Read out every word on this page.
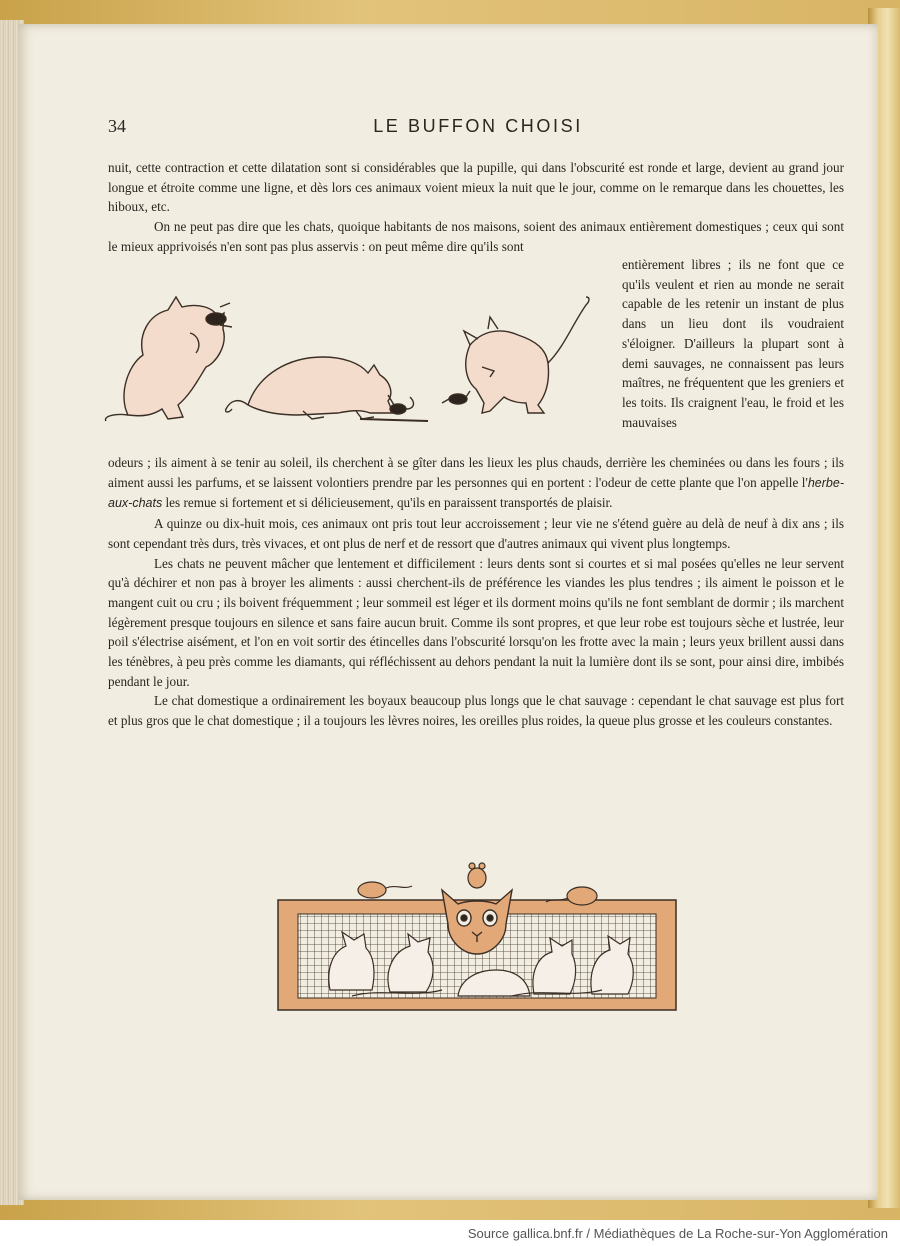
34	LE BUFFON CHOISI

nuit, cette contraction et cette dilatation sont si considérables que la pupille, qui dans l'obscurité est ronde et large, devient au grand jour longue et étroite comme une ligne, et dès lors ces animaux voient mieux la nuit que le jour, comme on le remarque dans les chouettes, les hiboux, etc.

On ne peut pas dire que les chats, quoique habitants de nos maisons, soient des animaux entièrement domestiques ; ceux qui sont le mieux apprivoisés n'en sont pas plus asservis : on peut même dire qu'ils sont

entièrement libres ; ils ne font que ce qu'ils veulent et rien au monde ne serait capable de les retenir un instant de plus dans un lieu dont ils voudraient s'éloigner. D'ailleurs la plupart sont à demi sauvages, ne connaissent pas leurs maîtres, ne fréquentent que les greniers et les toits. Ils craignent l'eau, le froid et les mauvaises

odeurs ; ils aiment à se tenir au soleil, ils cherchent à se gîter dans les lieux les plus chauds, derrière les cheminées ou dans les fours ; ils aiment aussi les parfums, et se laissent volontiers prendre par les personnes qui en portent : l'odeur de cette plante que l'on appelle l'herbe-aux-chats les remue si fortement et si délicieusement, qu'ils en paraissent transportés de plaisir.

A quinze ou dix-huit mois, ces animaux ont pris tout leur accroissement ; leur vie ne s'étend guère au delà de neuf à dix ans ; ils sont cependant très durs, très vivaces, et ont plus de nerf et de ressort que d'autres animaux qui vivent plus longtemps.

Les chats ne peuvent mâcher que lentement et difficilement : leurs dents sont si courtes et si mal posées qu'elles ne leur servent qu'à déchirer et non pas à broyer les aliments : aussi cherchent-ils de préférence les viandes les plus tendres ; ils aiment le poisson et le mangent cuit ou cru ; ils boivent fréquemment ; leur sommeil est léger et ils dorment moins qu'ils ne font semblant de dormir ; ils marchent légèrement presque toujours en silence et sans faire aucun bruit. Comme ils sont propres, et que leur robe est toujours sèche et lustrée, leur poil s'électrise aisément, et l'on en voit sortir des étincelles dans l'obscurité lorsqu'on les frotte avec la main ; leurs yeux brillent aussi dans les ténèbres, à peu près comme les diamants, qui réfléchissent au dehors pendant la nuit la lumière dont ils se sont, pour ainsi dire, imbibés pendant le jour.

Le chat domestique a ordinairement les boyaux beaucoup plus longs que le chat sauvage : cependant le chat sauvage est plus fort et plus gros que le chat domestique ; il a toujours les lèvres noires, les oreilles plus roides, la queue plus grosse et les couleurs constantes.

Source gallica.bnf.fr / Médiathèques de La Roche-sur-Yon Agglomération
